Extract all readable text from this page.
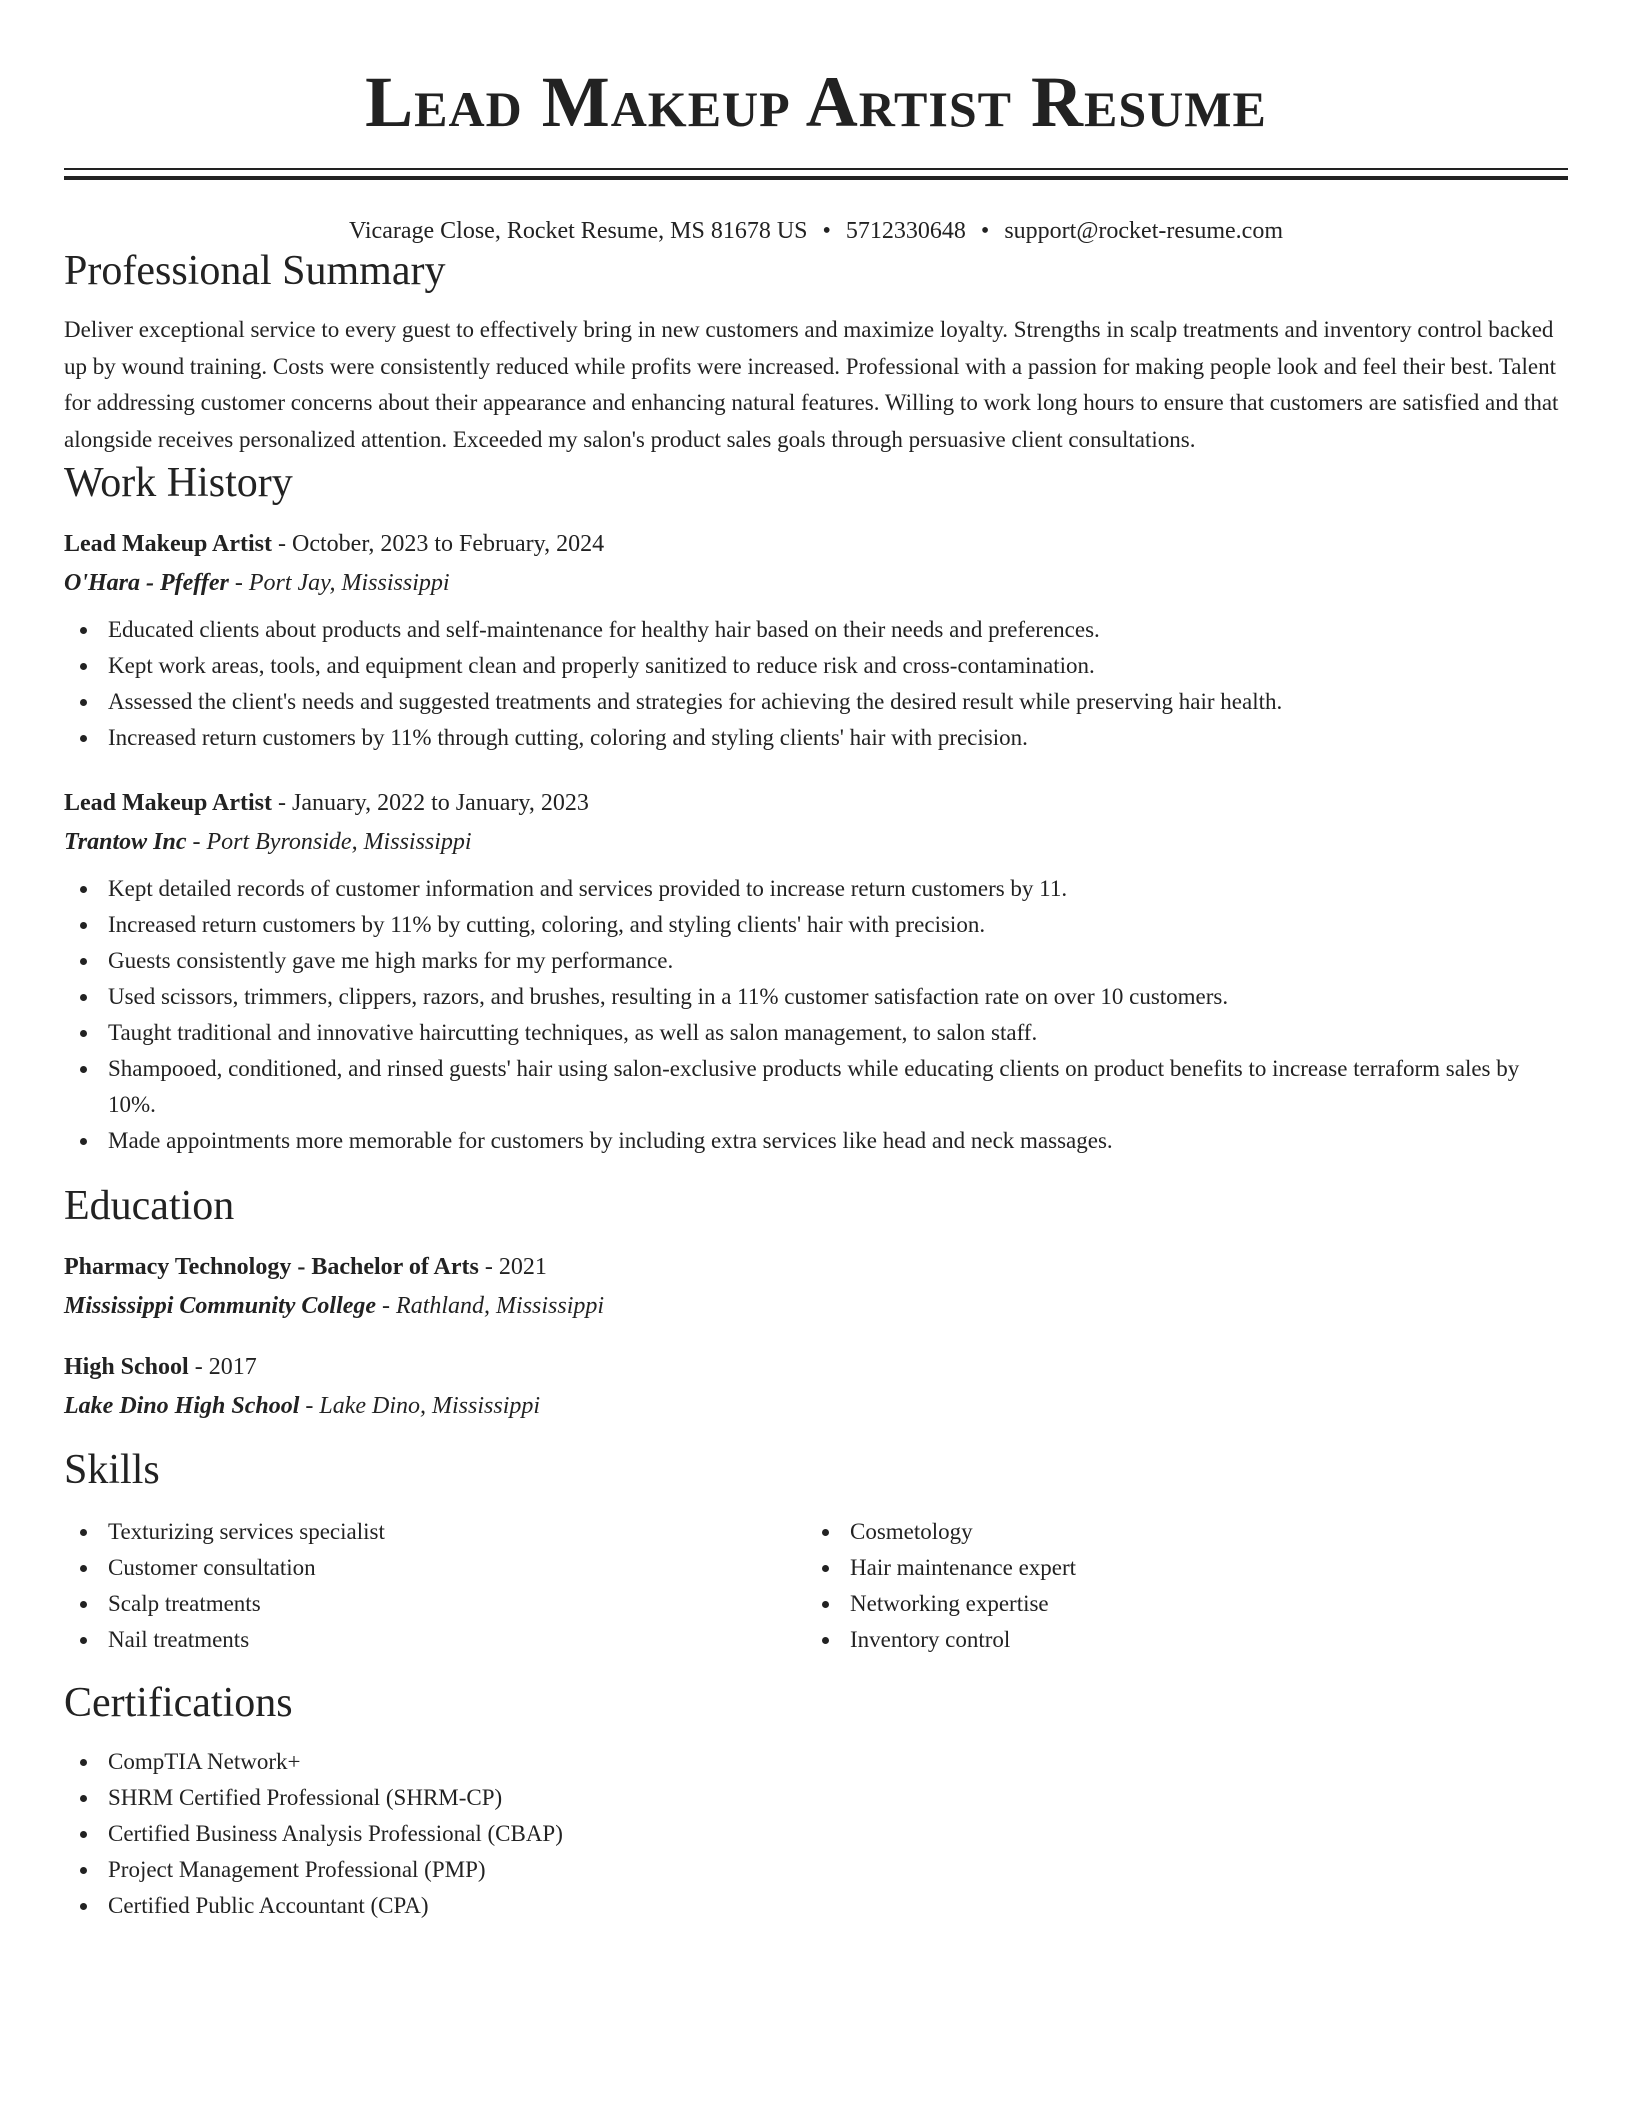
Lead Makeup Artist Resume
Vicarage Close, Rocket Resume, MS 81678 US • 5712330648 • support@rocket-resume.com
Professional Summary
Deliver exceptional service to every guest to effectively bring in new customers and maximize loyalty. Strengths in scalp treatments and inventory control backed up by wound training. Costs were consistently reduced while profits were increased. Professional with a passion for making people look and feel their best. Talent for addressing customer concerns about their appearance and enhancing natural features. Willing to work long hours to ensure that customers are satisfied and that alongside receives personalized attention. Exceeded my salon's product sales goals through persuasive client consultations.
Work History
Lead Makeup Artist - October, 2023 to February, 2024
O'Hara - Pfeffer - Port Jay, Mississippi
Educated clients about products and self-maintenance for healthy hair based on their needs and preferences.
Kept work areas, tools, and equipment clean and properly sanitized to reduce risk and cross-contamination.
Assessed the client's needs and suggested treatments and strategies for achieving the desired result while preserving hair health.
Increased return customers by 11% through cutting, coloring and styling clients' hair with precision.
Lead Makeup Artist - January, 2022 to January, 2023
Trantow Inc - Port Byronside, Mississippi
Kept detailed records of customer information and services provided to increase return customers by 11.
Increased return customers by 11% by cutting, coloring, and styling clients' hair with precision.
Guests consistently gave me high marks for my performance.
Used scissors, trimmers, clippers, razors, and brushes, resulting in a 11% customer satisfaction rate on over 10 customers.
Taught traditional and innovative haircutting techniques, as well as salon management, to salon staff.
Shampooed, conditioned, and rinsed guests' hair using salon-exclusive products while educating clients on product benefits to increase terraform sales by 10%.
Made appointments more memorable for customers by including extra services like head and neck massages.
Education
Pharmacy Technology - Bachelor of Arts - 2021
Mississippi Community College - Rathland, Mississippi
High School - 2017
Lake Dino High School - Lake Dino, Mississippi
Skills
Texturizing services specialist
Customer consultation
Scalp treatments
Nail treatments
Cosmetology
Hair maintenance expert
Networking expertise
Inventory control
Certifications
CompTIA Network+
SHRM Certified Professional (SHRM-CP)
Certified Business Analysis Professional (CBAP)
Project Management Professional (PMP)
Certified Public Accountant (CPA)
